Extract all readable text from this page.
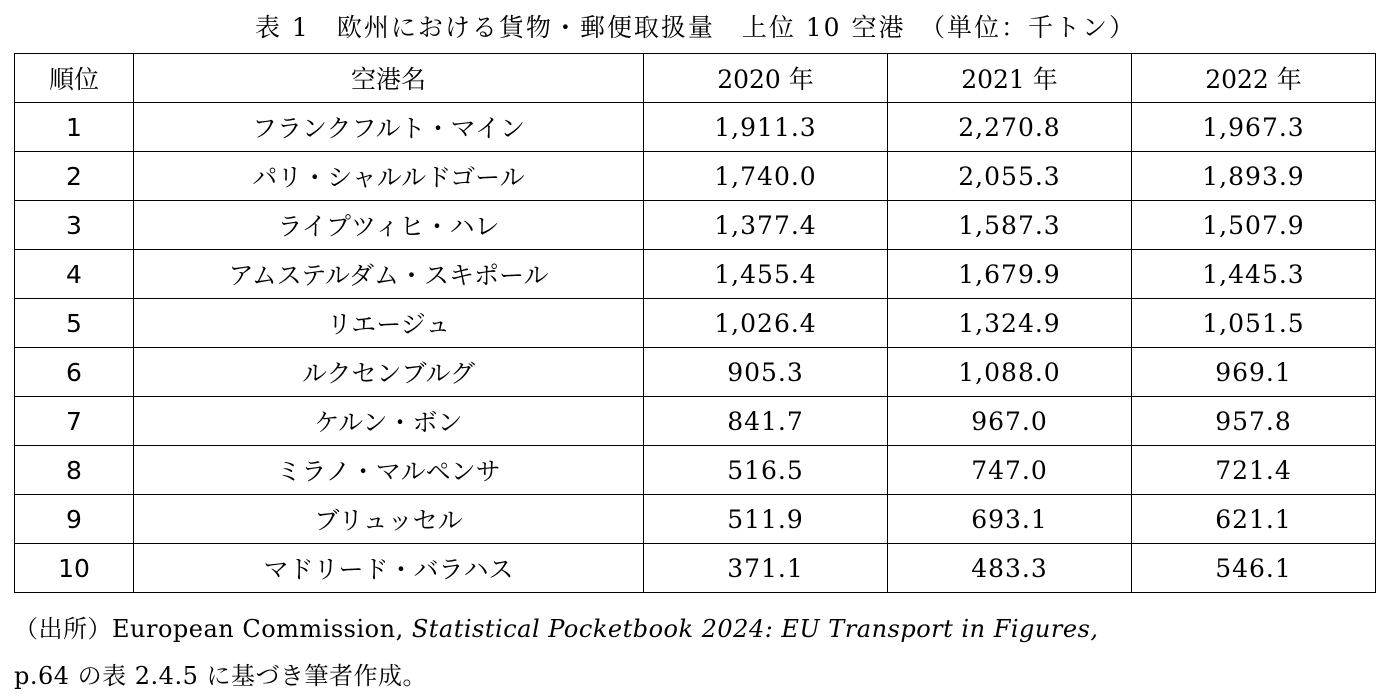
表 1　欧州における貨物・郵便取扱量　上位 10 空港　（単位：千トン）
順位	空港名	2020 年	2021 年	2022 年
1	フランクフルト・マイン	1,911.3	2,270.8	1,967.3
2	パリ・シャルルドゴール	1,740.0	2,055.3	1,893.9
3	ライプツィヒ・ハレ	1,377.4	1,587.3	1,507.9
4	アムステルダム・スキポール	1,455.4	1,679.9	1,445.3
5	リエージュ	1,026.4	1,324.9	1,051.5
6	ルクセンブルグ	905.3	1,088.0	969.1
7	ケルン・ボン	841.7	967.0	957.8
8	ミラノ・マルペンサ	516.5	747.0	721.4
9	ブリュッセル	511.9	693.1	621.1
10	マドリード・バラハス	371.1	483.3	546.1
（出所）European Commission, Statistical Pocketbook 2024: EU Transport in Figures,
p.64 の表 2.4.5 に基づき筆者作成。
